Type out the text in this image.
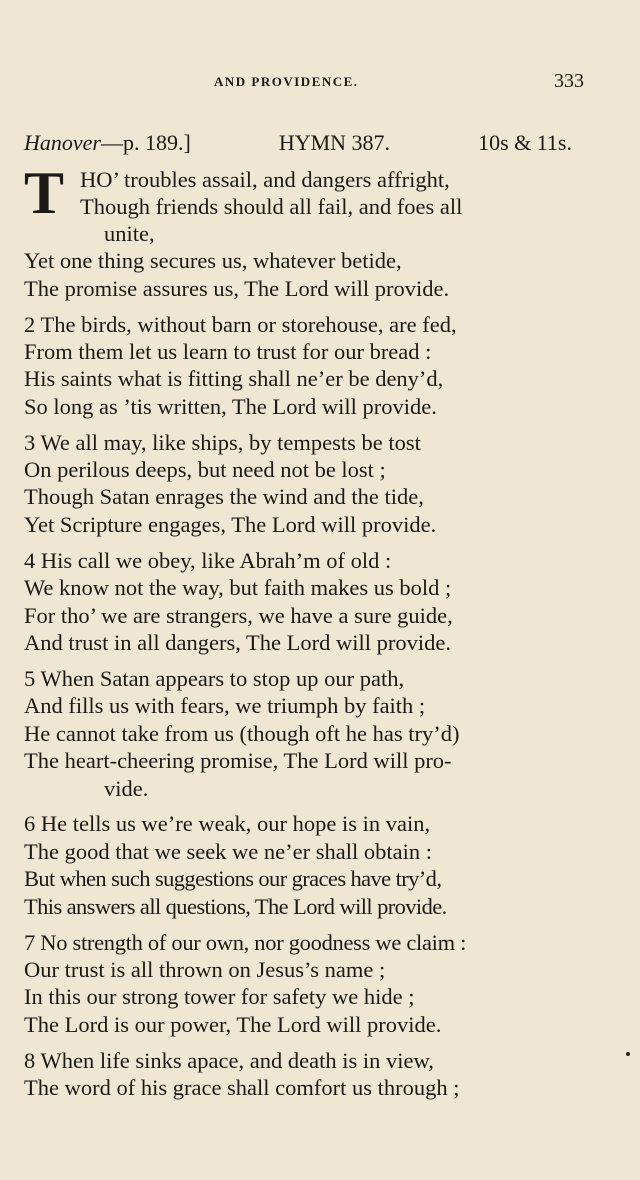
AND PROVIDENCE.	333
Hanover—p. 189.]	HYMN 387.	10s & 11s.
T HO’ troubles assail, and dangers affright,
Though friends should all fail, and foes all
unite,
Yet one thing secures us, whatever betide,
The promise assures us, The Lord will provide.
2 The birds, without barn or storehouse, are fed,
From them let us learn to trust for our bread :
His saints what is fitting shall ne’er be deny’d,
So long as ’tis written, The Lord will provide.
3 We all may, like ships, by tempests be tost
On perilous deeps, but need not be lost ;
Though Satan enrages the wind and the tide,
Yet Scripture engages, The Lord will provide.
4 His call we obey, like Abrah’m of old :
We know not the way, but faith makes us bold ;
For tho’ we are strangers, we have a sure guide,
And trust in all dangers, The Lord will provide.
5 When Satan appears to stop up our path,
And fills us with fears, we triumph by faith ;
He cannot take from us (though oft he has try’d)
The heart-cheering promise, The Lord will pro-
vide.
6 He tells us we’re weak, our hope is in vain,
The good that we seek we ne’er shall obtain :
But when such suggestions our graces have try’d,
This answers all questions, The Lord will provide.
7 No strength of our own, nor goodness we claim :
Our trust is all thrown on Jesus’s name ;
In this our strong tower for safety we hide ;
The Lord is our power, The Lord will provide.
8 When life sinks apace, and death is in view,
The word of his grace shall comfort us through ;
